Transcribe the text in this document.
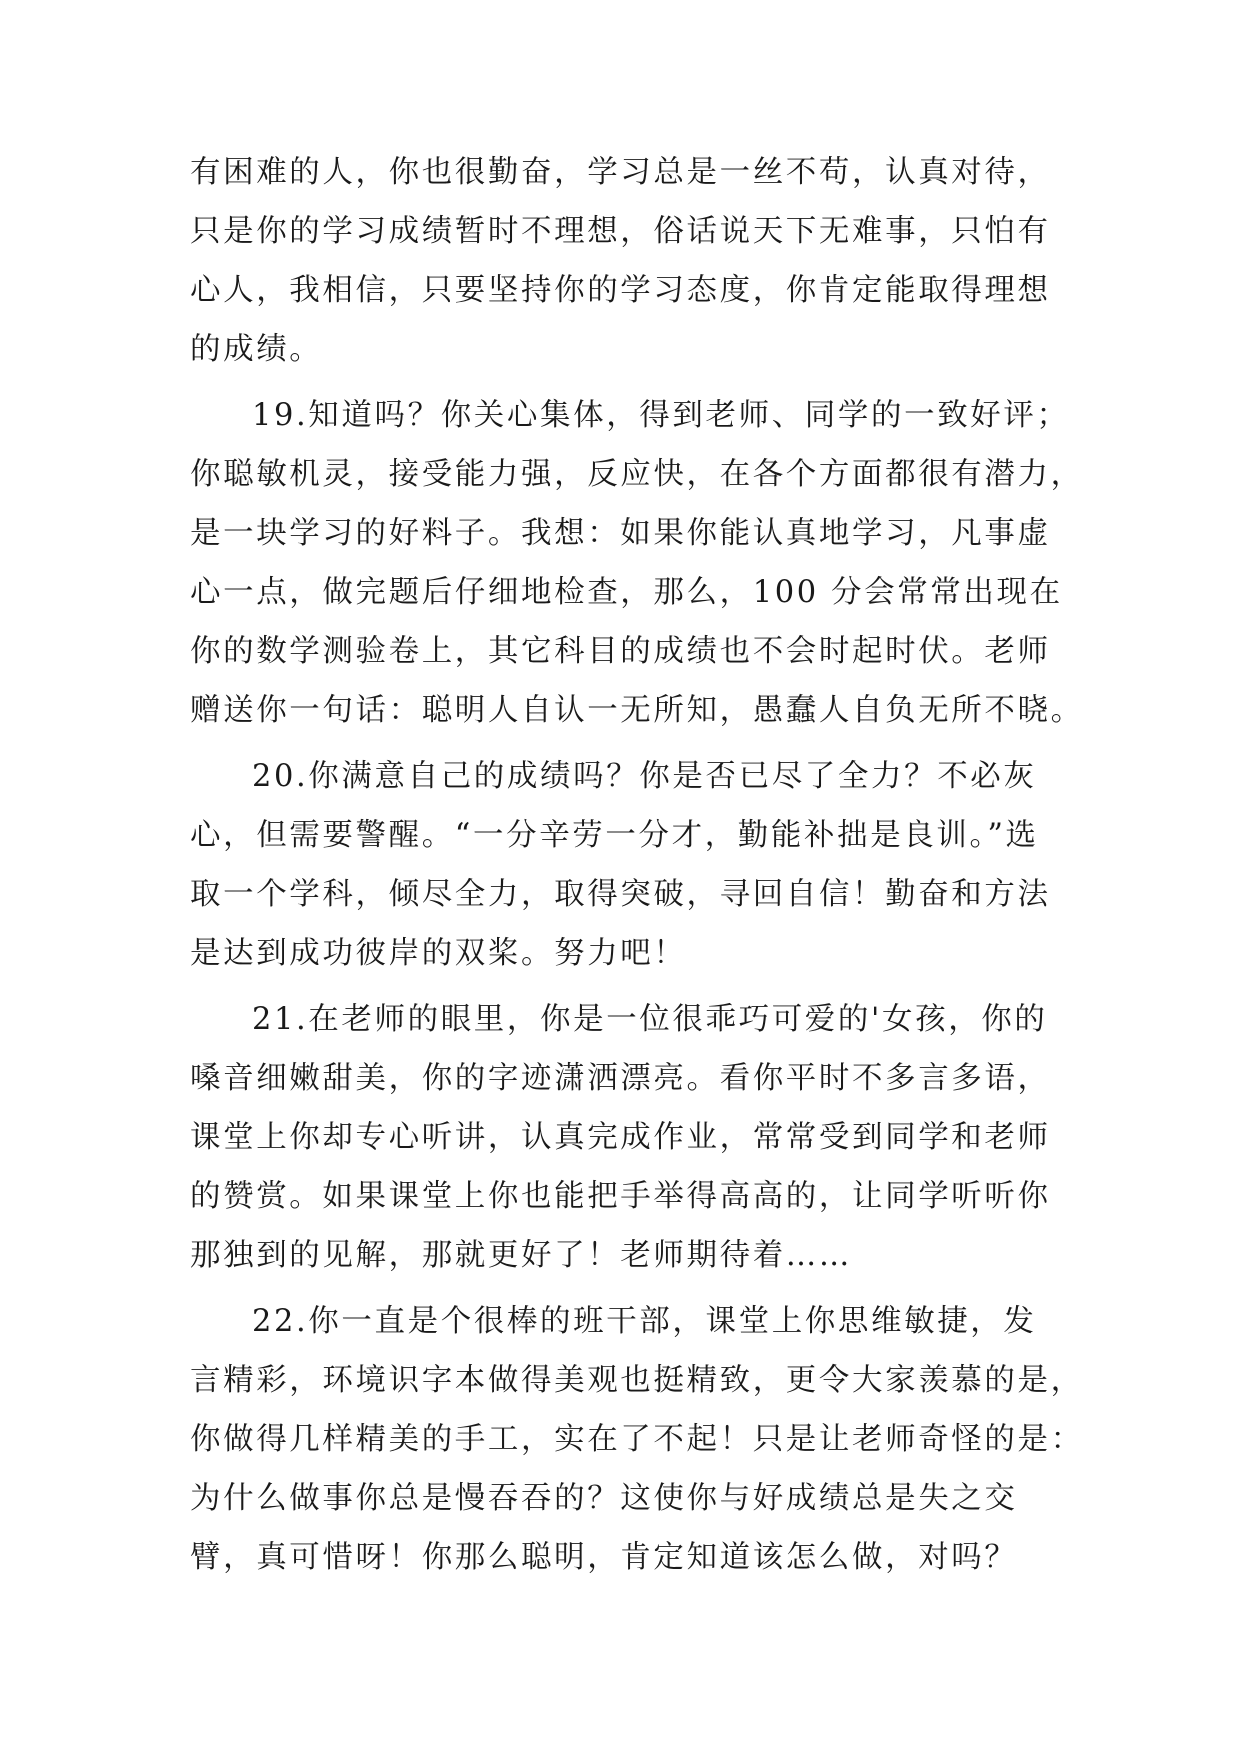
有困难的人，你也很勤奋，学习总是一丝不苟，认真对待，
只是你的学习成绩暂时不理想，俗话说天下无难事，只怕有
心人，我相信，只要坚持你的学习态度，你肯定能取得理想
的成绩。
19.知道吗？你关心集体，得到老师、同学的一致好评；
你聪敏机灵，接受能力强，反应快，在各个方面都很有潜力，
是一块学习的好料子。我想：如果你能认真地学习，凡事虚
心一点，做完题后仔细地检查，那么，100 分会常常出现在
你的数学测验卷上，其它科目的成绩也不会时起时伏。老师
赠送你一句话：聪明人自认一无所知，愚蠢人自负无所不晓。
20.你满意自己的成绩吗？你是否已尽了全力？不必灰
心，但需要警醒。“一分辛劳一分才，勤能补拙是良训。”选
取一个学科，倾尽全力，取得突破，寻回自信！勤奋和方法
是达到成功彼岸的双桨。努力吧！
21.在老师的眼里，你是一位很乖巧可爱的'女孩，你的
嗓音细嫩甜美，你的字迹潇洒漂亮。看你平时不多言多语，
课堂上你却专心听讲，认真完成作业，常常受到同学和老师
的赞赏。如果课堂上你也能把手举得高高的，让同学听听你
那独到的见解，那就更好了！老师期待着……
22.你一直是个很棒的班干部，课堂上你思维敏捷，发
言精彩，环境识字本做得美观也挺精致，更令大家羡慕的是，
你做得几样精美的手工，实在了不起！只是让老师奇怪的是：
为什么做事你总是慢吞吞的？这使你与好成绩总是失之交
臂，真可惜呀！你那么聪明，肯定知道该怎么做，对吗？
